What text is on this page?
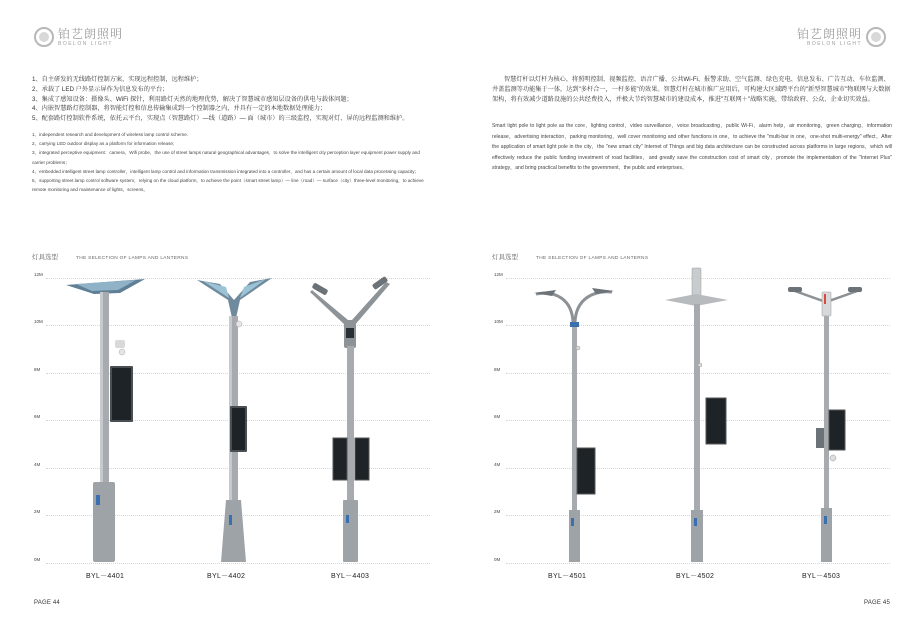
铂艺朗照明
BOELON LIGHT
1、自主研发的无线路灯控制方案，实现远程控制，远程维护；
2、承载了 LED 户外显示屏作为信息发布的平台；
3、集成了感知设备：摄像头、WiFi 探针，利用路灯天然的地理优势，解决了智慧城市感知层设备的供电与载体问题；
4、内嵌智慧路灯控制器，将智能灯控和信息传输集成到一个控制器之内，并具有一定的本地数据处理能力；
5、配套路灯控制软件系统，依托云平台，实现点（智慧路灯）—线（道路）— 面（城市）的三级监控，实现对灯、屏的远程监测和维护。
1、independent research and development of wireless lamp control scheme.
2、carrying LED outdoor display as a platform for information release;
3、integrated perceptive equipment：camera，Wifi probe，the use of street lamps natural geographical advantages，to solve the intelligent city perception layer equipment power supply and carrier problems；
4、embedded intelligent street lamp controller，intelligent lamp control and information transmission integrated into a controller，and has a certain amount of local data processing capacity；
5、supporting street lamp control software system，relying on the cloud platform，to achieve the point（smart street lamp）— line（road）— surface（city）three-level monitoring，to achieve remote monitoring and maintenance of lights，screens。
灯具选型	THE SELECTION OF LAMPS AND LANTERNS
12M
10M
8M
6M
4M
2M
0M
BYL－4401	BYL－4402	BYL－4403
PAGE 44
铂艺朗照明
BOELON LIGHT

智慧灯杆以灯杆为核心，将照明控制、视频监控、语音广播、公共Wi-Fi、报警求助、空气监测、绿色充电、信息发布、广告互动、车位监测、井盖监测等功能集于一体，达到"多杆合一，一杆多能"的效果。智慧灯杆在城市推广应用后，可构建大区域跨平台的"新型智慧城市"物联网与大数据架构，将有效减少道路设施的公共经费投入，并极大节约智慧城市的建设成本，推进"互联网＋"战略实施，带给政府、公众、企业切实效益。

Smart light pole to light pole as the core，lighting control，video surveillance，voice broadcasting，public Wi-Fi，alarm help，air monitoring，green charging，information release，advertising interaction，parking monitoring，well cover monitoring and other functions in one，to achieve the "multi-bar in one，one-shot multi-energy" effect。After the application of smart light pole in the city，the "new smart city" Internet of Things and big data architecture can be constructed across platforms in large regions，which will effectively reduce the public funding investment of road facilities，and greatly save the construction cost of smart city，promote the implementation of the "Internet Plus" strategy，and bring practical benefits to the government，the public and enterprises。

灯具选型	THE SELECTION OF LAMPS AND LANTERNS
12M
10M
8M
6M
4M
2M
0M
BYL－4501	BYL－4502	BYL－4503
PAGE 45
